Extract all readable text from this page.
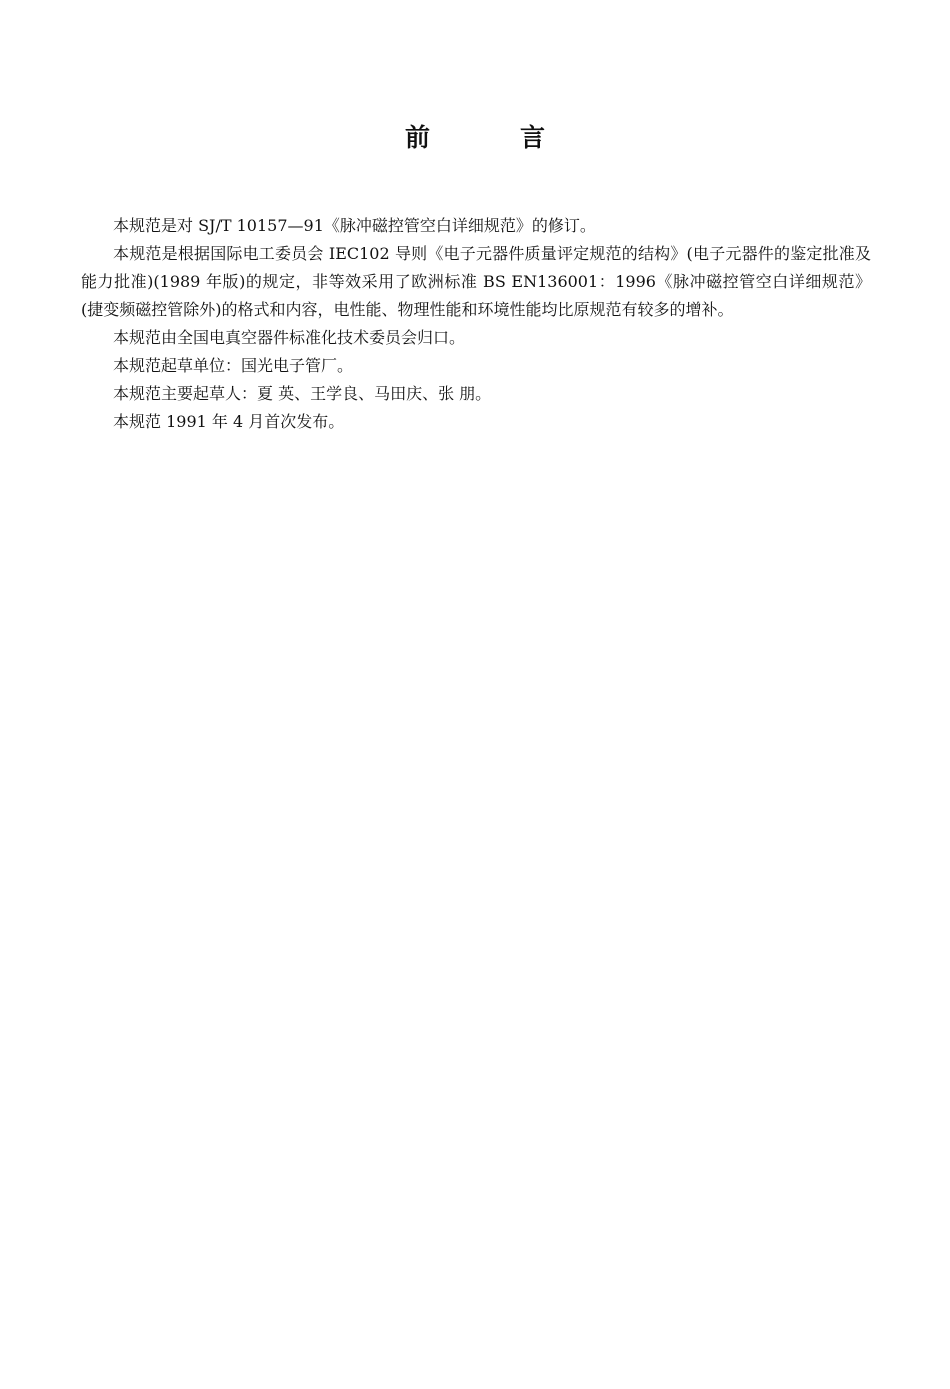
前言

本规范是对 SJ/T 10157—91《脉冲磁控管空白详细规范》的修订。

本规范是根据国际电工委员会 IEC102 导则《电子元器件质量评定规范的结构》(电子元器件的鉴定批准及能力批准)(1989 年版)的规定，非等效采用了欧洲标准 BS EN136001：1996《脉冲磁控管空白详细规范》(捷变频磁控管除外)的格式和内容，电性能、物理性能和环境性能均比原规范有较多的增补。

本规范由全国电真空器件标准化技术委员会归口。

本规范起草单位：国光电子管厂。

本规范主要起草人：夏 英、王学良、马田庆、张 朋。

本规范 1991 年 4 月首次发布。
